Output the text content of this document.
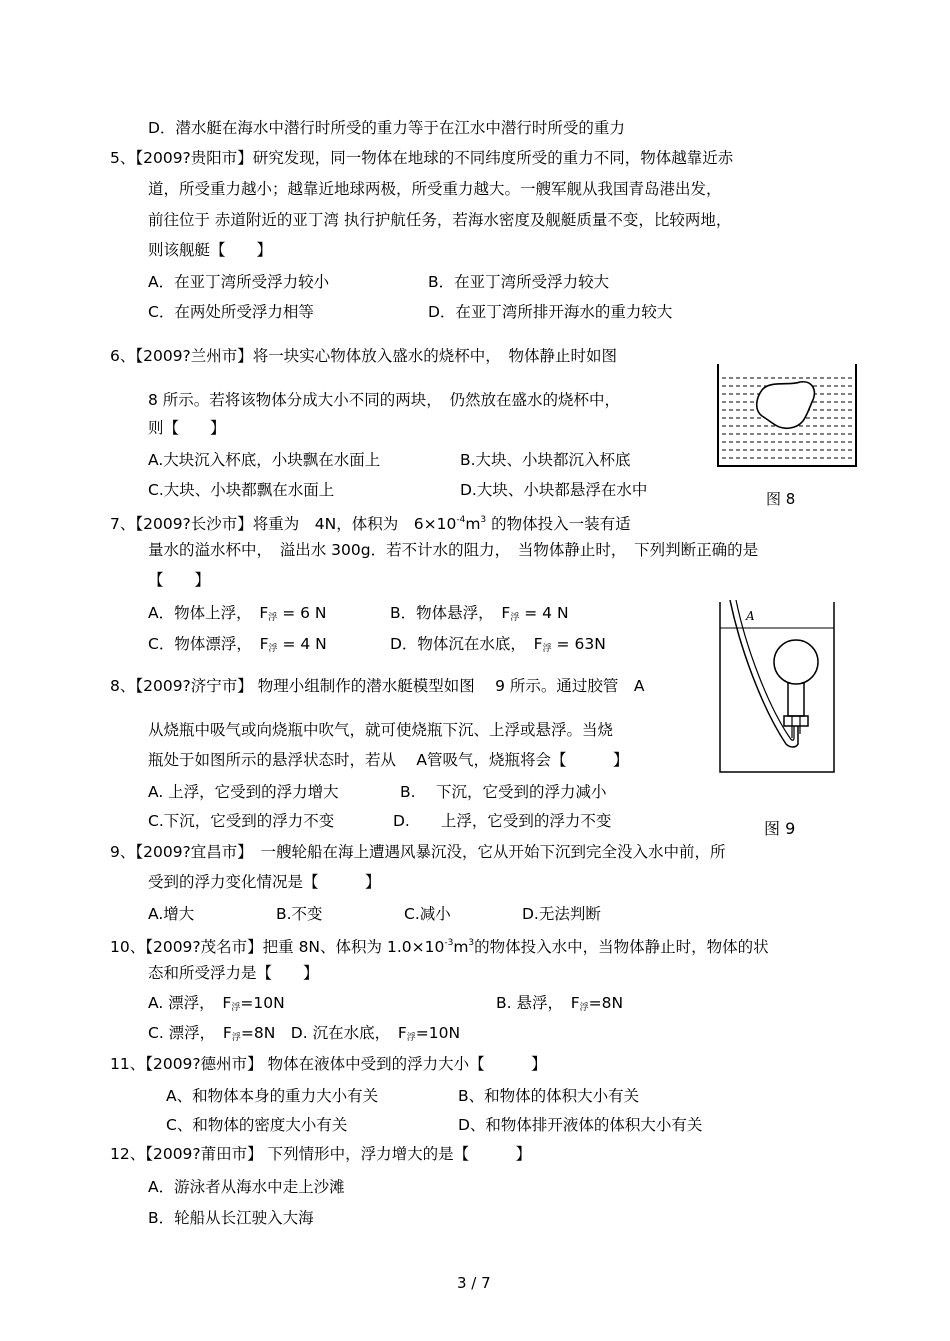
D．潜水艇在海水中潜行时所受的重力等于在江水中潜行时所受的重力
5、【2009?贵阳市】研究发现，同一物体在地球的不同纬度所受的重力不同，物体越靠近赤
道，所受重力越小；越靠近地球两极，所受重力越大。一艘军舰从我国青岛港出发，
前往位于 赤道附近的亚丁湾 执行护航任务，若海水密度及舰艇质量不变，比较两地，
则该舰艇【　　】
A．在亚丁湾所受浮力较小	B．在亚丁湾所受浮力较大
C．在两处所受浮力相等	D．在亚丁湾所排开海水的重力较大
6、【2009?兰州市】将一块实心物体放入盛水的烧杯中，　物体静止时如图
8 所示。若将该物体分成大小不同的两块，　仍然放在盛水的烧杯中，
则【　　】
A.大块沉入杯底，小块飘在水面上	B.大块、小块都沉入杯底
C.大块、小块都飘在水面上	D.大块、小块都悬浮在水中	图 8
7、【2009?长沙市】将重为　4N，体积为　$6\times 10^{-4}m^3$ 的物体投入一装有适
量水的溢水杯中，　溢出水 300g．若不计水的阻力，　当物体静止时，　下列判断正确的是
【　　】
A．物体上浮，　$F_浮 = 6$ N	B．物体悬浮，　$F_浮 = 4$ N
C．物体漂浮，　$F_浮 = 4$ N	D．物体沉在水底，　$F_浮 = 63N$
A
图 9
8、【2009?济宁市】 物理小组制作的潜水艇模型如图　 9 所示。通过胶管　A
从烧瓶中吸气或向烧瓶中吹气，就可使烧瓶下沉、上浮或悬浮。当烧
瓶处于如图所示的悬浮状态时，若从　 A管吸气，烧瓶将会【　　　】
A. 上浮，它受到的浮力增大	B.　 下沉，它受到的浮力减小
C.下沉，它受到的浮力不变	D.　　上浮，它受到的浮力不变
9、【2009?宜昌市】　一艘轮船在海上遭遇风暴沉没，它从开始下沉到完全没入水中前，所
受到的浮力变化情况是【　　　】
A.增大	B.不变	C.减小	D.无法判断
10、【2009?茂名市】把重 8N、体积为 $1.0\times 10^{-3}m^3$的物体投入水中，当物体静止时，物体的状
态和所受浮力是【　　】
A. 漂浮，　$F_浮=10N$	B. 悬浮，　$F_浮=8N$
C. 漂浮，　$F_浮=8N$　D. 沉在水底，　$F_浮=10N$
11、【2009?德州市】 物体在液体中受到的浮力大小【　　　】
A、和物体本身的重力大小有关	B、和物体的体积大小有关
C、和物体的密度大小有关	D、和物体排开液体的体积大小有关
12、【2009?莆田市】 下列情形中，浮力增大的是【　　　】
A．游泳者从海水中走上沙滩
B．轮船从长江驶入大海
3 / 7
